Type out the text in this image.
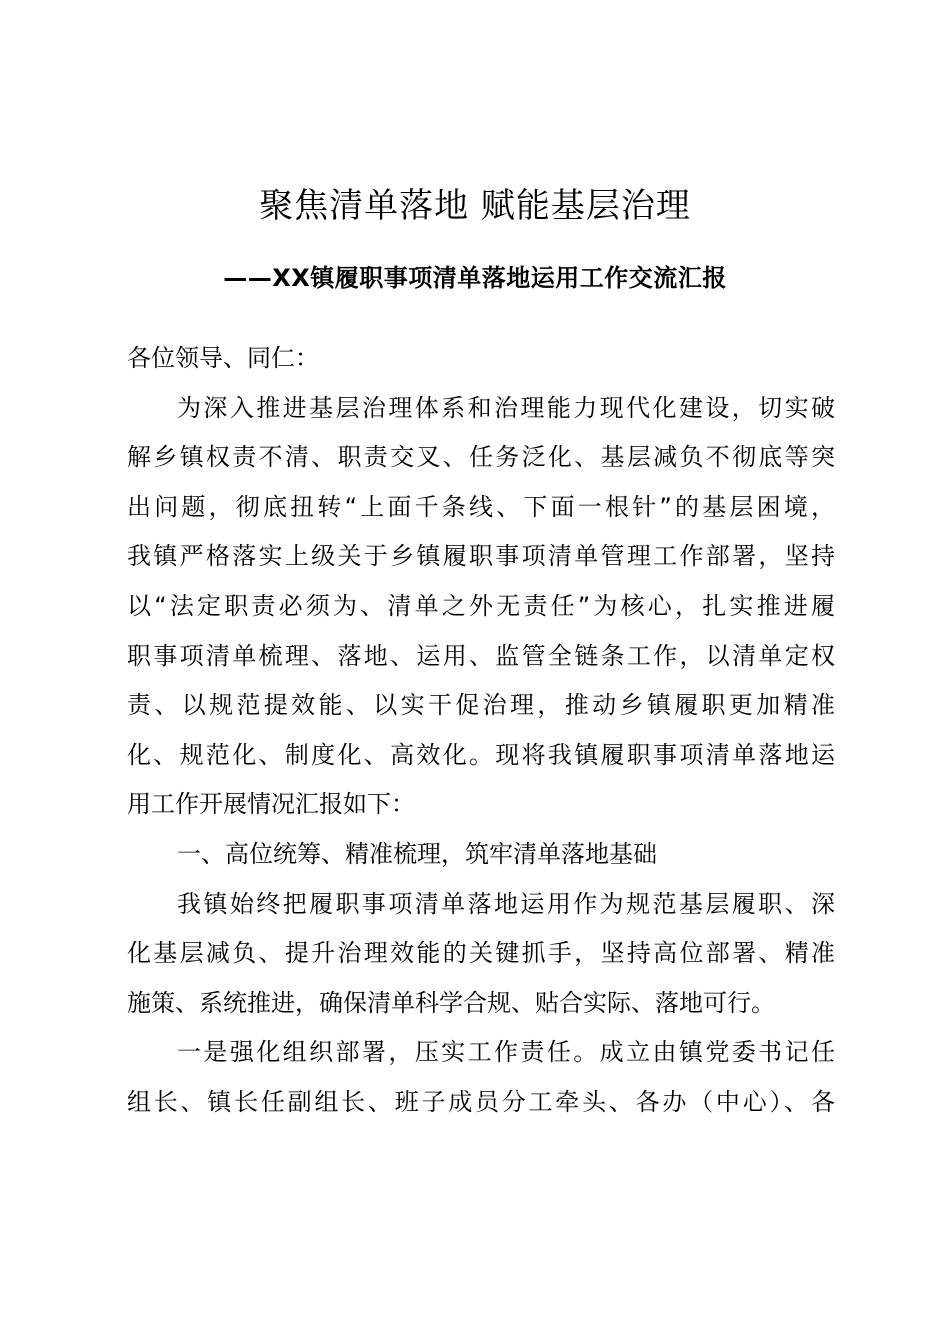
聚焦清单落地 赋能基层治理
——XX镇履职事项清单落地运用工作交流汇报
各位领导、同仁：
为深入推进基层治理体系和治理能力现代化建设，切实破
解乡镇权责不清、职责交叉、任务泛化、基层减负不彻底等突
出问题，彻底扭转“上面千条线、下面一根针”的基层困境，
我镇严格落实上级关于乡镇履职事项清单管理工作部署，坚持
以“法定职责必须为、清单之外无责任”为核心，扎实推进履
职事项清单梳理、落地、运用、监管全链条工作，以清单定权
责、以规范提效能、以实干促治理，推动乡镇履职更加精准
化、规范化、制度化、高效化。现将我镇履职事项清单落地运
用工作开展情况汇报如下：
一、高位统筹、精准梳理，筑牢清单落地基础
我镇始终把履职事项清单落地运用作为规范基层履职、深
化基层减负、提升治理效能的关键抓手，坚持高位部署、精准
施策、系统推进，确保清单科学合规、贴合实际、落地可行。
一是强化组织部署，压实工作责任。成立由镇党委书记任
组长、镇长任副组长、班子成员分工牵头、各办（中心）、各
